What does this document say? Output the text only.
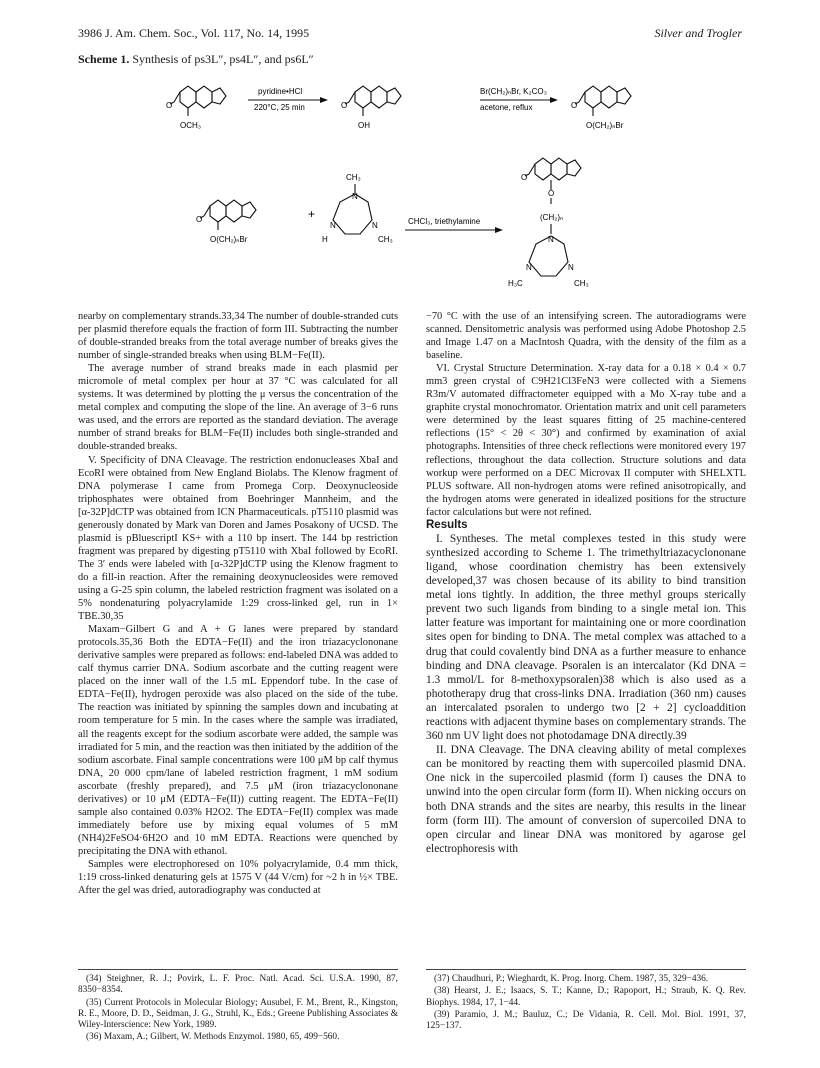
3986 J. Am. Chem. Soc., Vol. 117, No. 14, 1995	Silver and Trogler
Scheme 1. Synthesis of ps3L″, ps4L″, and ps6L″
OCH₃
O
pyridine•HCl
220°C, 25 min
OH
O
Br(CH₂)ₙBr, K₂CO₃
acetone, reflux
O(CH₂)ₙBr
O
O(CH₂)ₙBr
O	+
CH₃
N
N	N
H	CH₃
CHCl₃, triethylamine
O
O
(CH₂)ₙ
N
N	N
H₃C	CH₃

nearby on complementary strands.33,34 The number of double-stranded cuts per plasmid therefore equals the fraction of form III. Subtracting the number of double-stranded breaks from the total average number of breaks gives the number of single-stranded breaks when using BLM−Fe(II).

The average number of strand breaks made in each plasmid per micromole of metal complex per hour at 37 °C was calculated for all systems. It was determined by plotting the μ versus the concentration of the metal complex and computing the slope of the line. An average of 3−6 runs was used, and the errors are reported as the standard deviation. The average number of strand breaks for BLM−Fe(II) includes both single-stranded and double-stranded breaks.

V. Specificity of DNA Cleavage. The restriction endonucleases XbaI and EcoRI were obtained from New England Biolabs. The Klenow fragment of DNA polymerase I came from Promega Corp. Deoxynucleoside triphosphates were obtained from Boehringer Mannheim, and the [α-32P]dCTP was obtained from ICN Pharmaceuticals. pT5110 plasmid was generously donated by Mark van Doren and James Posakony of UCSD. The plasmid is pBluescriptI KS+ with a 110 bp insert. The 144 bp restriction fragment was prepared by digesting pT5110 with XbaI followed by EcoRI. The 3′ ends were labeled with [α-32P]dCTP using the Klenow fragment to do a fill-in reaction. After the remaining deoxynucleosides were removed using a G-25 spin column, the labeled restriction fragment was isolated on a 5% nondenaturing polyacrylamide 1:29 cross-linked gel, run in 1× TBE.30,35

Maxam−Gilbert G and A + G lanes were prepared by standard protocols.35,36 Both the EDTA−Fe(II) and the iron triazacyclononane derivative samples were prepared as follows: end-labeled DNA was added to calf thymus carrier DNA. Sodium ascorbate and the cutting reagent were placed on the inner wall of the 1.5 mL Eppendorf tube. In the case of EDTA−Fe(II), hydrogen peroxide was also placed on the side of the tube. The reaction was initiated by spinning the samples down and incubating at room temperature for 5 min. In the cases where the sample was irradiated, all the reagents except for the sodium ascorbate were added, the sample was irradiated for 5 min, and the reaction was then initiated by the addition of the sodium ascorbate. Final sample concentrations were 100 μM bp calf thymus DNA, 20 000 cpm/lane of labeled restriction fragment, 1 mM sodium ascorbate (freshly prepared), and 7.5 μM (iron triazacyclononane derivatives) or 10 μM (EDTA−Fe(II)) cutting reagent. The EDTA−Fe(II) sample also contained 0.03% H2O2. The EDTA−Fe(II) complex was made immediately before use by mixing equal volumes of 5 mM (NH4)2FeSO4·6H2O and 10 mM EDTA. Reactions were quenched by precipitating the DNA with ethanol.

Samples were electrophoresed on 10% polyacrylamide, 0.4 mm thick, 1:19 cross-linked denaturing gels at 1575 V (44 V/cm) for ~2 h in ½× TBE. After the gel was dried, autoradiography was conducted at

−70 °C with the use of an intensifying screen. The autoradiograms were scanned. Densitometric analysis was performed using Adobe Photoshop 2.5 and Image 1.47 on a MacIntosh Quadra, with the density of the film as a baseline.

VI. Crystal Structure Determination. X-ray data for a 0.18 × 0.4 × 0.7 mm3 green crystal of C9H21Cl3FeN3 were collected with a Siemens R3m/V automated diffractometer equipped with a Mo X-ray tube and a graphite crystal monochromator. Orientation matrix and unit cell parameters were determined by the least squares fitting of 25 machine-centered reflections (15° < 2θ < 30°) and confirmed by examination of axial photographs. Intensities of three check reflections were monitored every 197 reflections, throughout the data collection. Structure solutions and data workup were performed on a DEC Microvax II computer with SHELXTL PLUS software. All non-hydrogen atoms were refined anisotropically, and the hydrogen atoms were generated in idealized positions for the structure factor calculations but were not refined.

Results

I. Syntheses. The metal complexes tested in this study were synthesized according to Scheme 1. The trimethyltriazacyclononane ligand, whose coordination chemistry has been extensively developed,37 was chosen because of its ability to bind transition metal ions tightly. In addition, the three methyl groups sterically prevent two such ligands from binding to a single metal ion. This latter feature was important for maintaining one or more coordination sites open for binding to DNA. The metal complex was attached to a drug that could covalently bind DNA as a further measure to enhance binding and DNA cleavage. Psoralen is an intercalator (Kd DNA = 1.3 mmol/L for 8-methoxypsoralen)38 which is also used as a phototherapy drug that cross-links DNA. Irradiation (360 nm) causes an intercalated psoralen to undergo two [2 + 2] cycloaddition reactions with adjacent thymine bases on complementary strands. The 360 nm UV light does not photodamage DNA directly.39

II. DNA Cleavage. The DNA cleaving ability of metal complexes can be monitored by reacting them with supercoiled plasmid DNA. One nick in the supercoiled plasmid (form I) causes the DNA to unwind into the open circular form (form II). When nicking occurs on both DNA strands and the sites are nearby, this results in the linear form (form III). The amount of conversion of supercoiled DNA to open circular and linear DNA was monitored by agarose gel electrophoresis with

(34) Steighner, R. J.; Povirk, L. F. Proc. Natl. Acad. Sci. U.S.A. 1990, 87, 8350−8354.

(35) Current Protocols in Molecular Biology; Ausubel, F. M., Brent, R., Kingston, R. E., Moore, D. D., Seidman, J. G., Struhl, K., Eds.; Greene Publishing Associates & Wiley-Interscience: New York, 1989.

(36) Maxam, A.; Gilbert, W. Methods Enzymol. 1980, 65, 499−560.

(37) Chaudhuri, P.; Wieghardt, K. Prog. Inorg. Chem. 1987, 35, 329−436.

(38) Hearst, J. E.; Isaacs, S. T.; Kanne, D.; Rapoport, H.; Straub, K. Q. Rev. Biophys. 1984, 17, 1−44.

(39) Paramio, J. M.; Bauluz, C.; De Vidania, R. Cell. Mol. Biol. 1991, 37, 125−137.
